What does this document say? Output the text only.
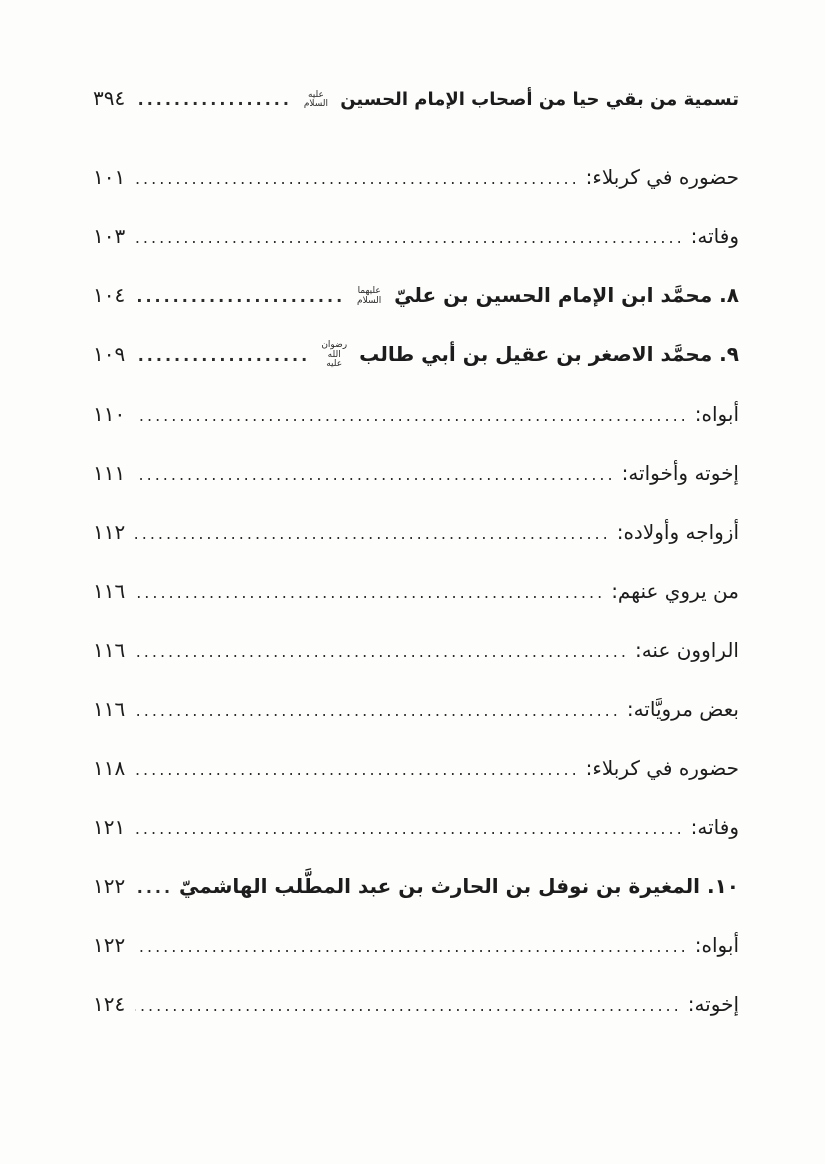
تسمية من بقي حيا من أصحاب الإمام الحسين عليه السلام
.....
٣٩٤
حضوره في كربلاء:
.....
١٠١
وفاته:
.....
١٠٣
٨. محمَّد ابن الإمام الحسين بن عليّ عليهما السلام
.....
١٠٤
٩. محمَّد الاصغر بن عقيل بن أبي طالب رضوان الله عليه
.....
١٠٩
أبواه:
.....
١١٠
إخوته وأخواته:
.....
١١١
أزواجه وأولاده:
.....
١١٢
من يروي عنهم:
.....
١١٦
الراوون عنه:
.....
١١٦
بعض مرويَّاته:
.....
١١٦
حضوره في كربلاء:
.....
١١٨
وفاته:
.....
١٢١
١٠. المغيرة بن نوفل بن الحارث بن عبد المطَّلب الهاشميّ
.....
١٢٢
أبواه:
.....
١٢٢
إخوته:
.....
١٢٤
